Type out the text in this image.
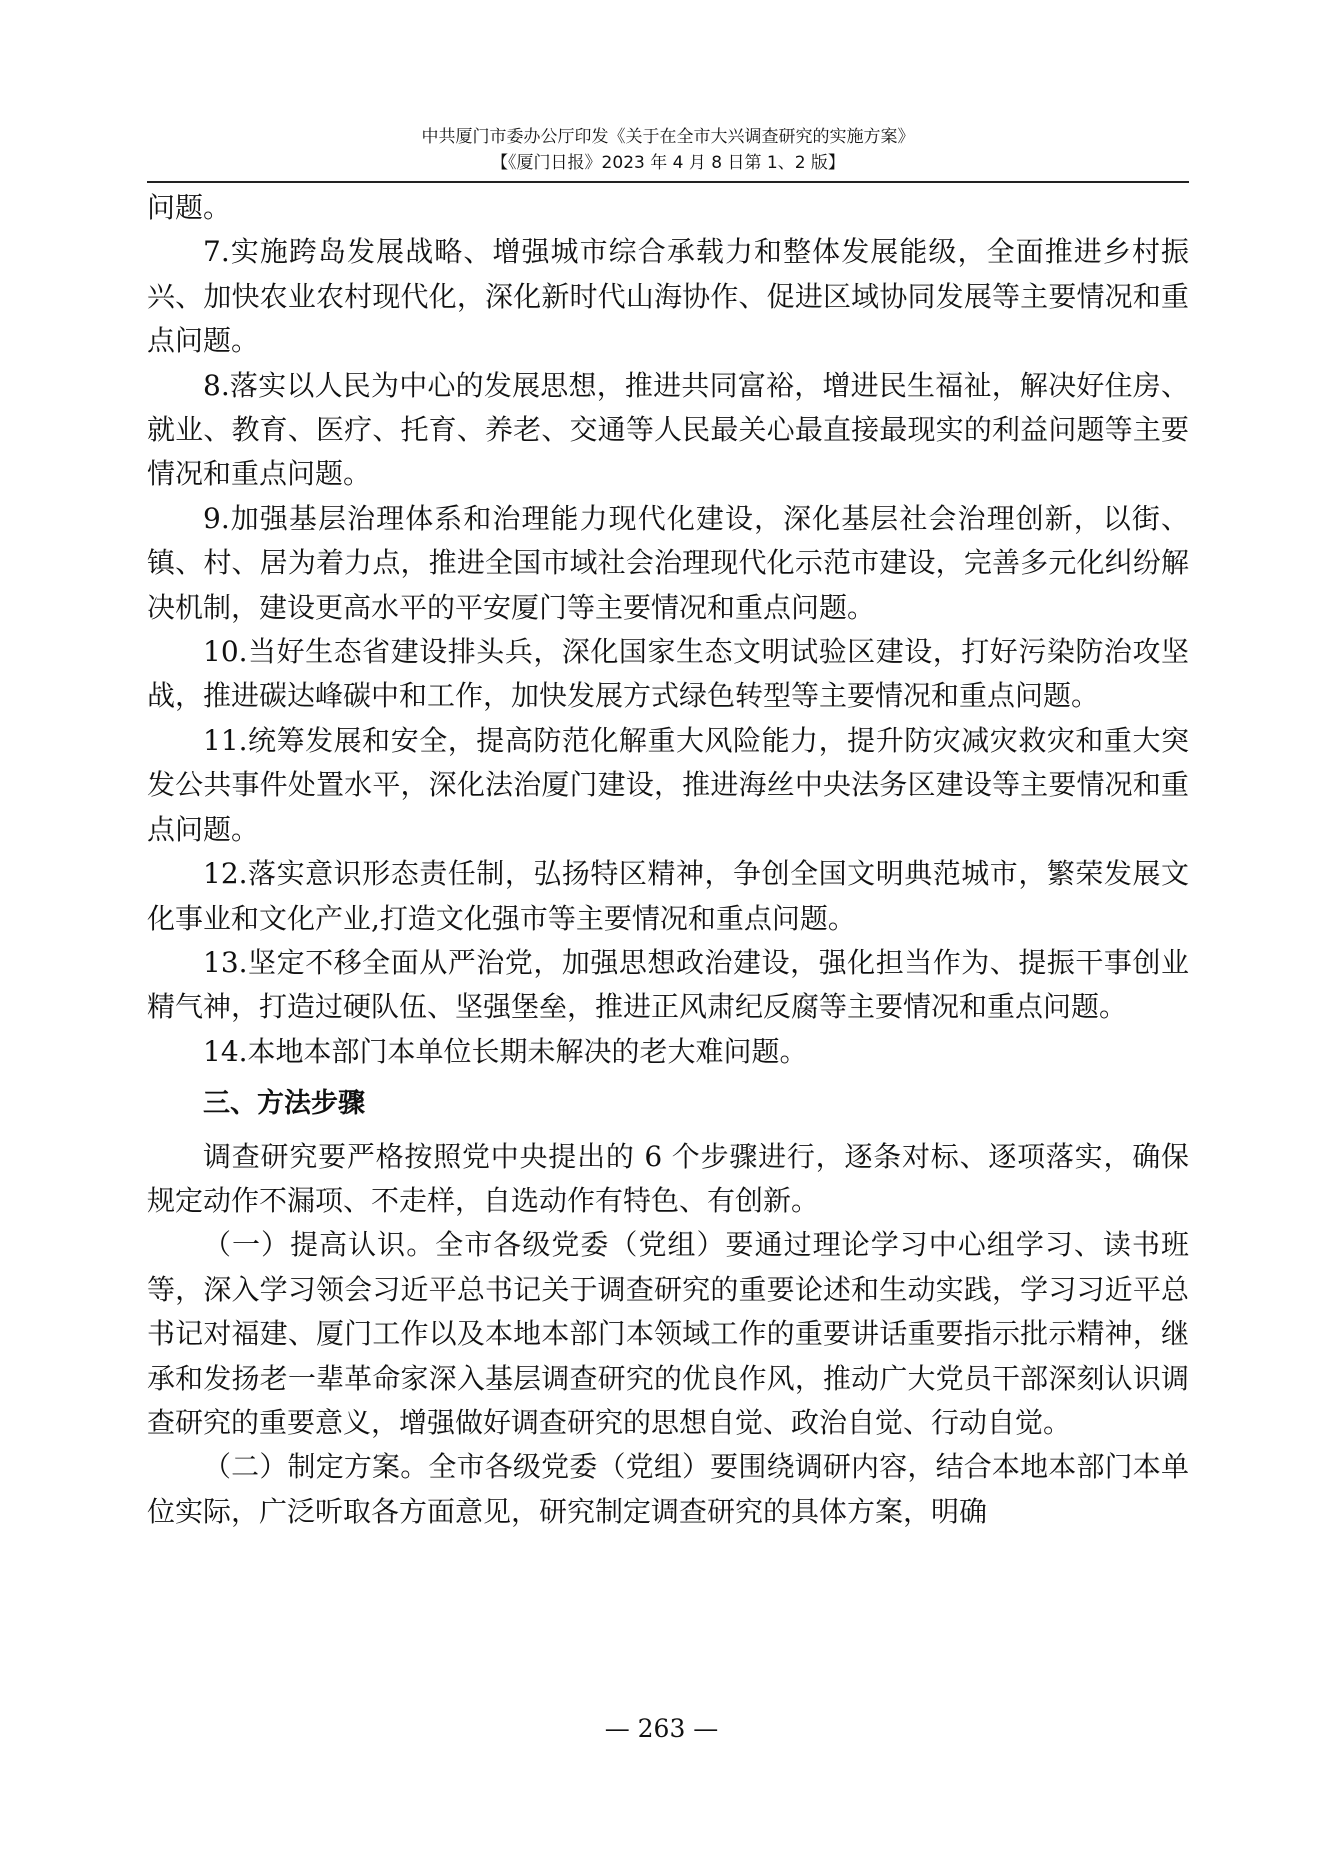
中共厦门市委办公厅印发《关于在全市大兴调查研究的实施方案》
【《厦门日报》2023 年 4 月 8 日第 1、2 版】

问题。

7.实施跨岛发展战略、增强城市综合承载力和整体发展能级，全面推进乡村振兴、加快农业农村现代化，深化新时代山海协作、促进区域协同发展等主要情况和重点问题。

8.落实以人民为中心的发展思想，推进共同富裕，增进民生福祉，解决好住房、就业、教育、医疗、托育、养老、交通等人民最关心最直接最现实的利益问题等主要情况和重点问题。

9.加强基层治理体系和治理能力现代化建设，深化基层社会治理创新，以街、镇、村、居为着力点，推进全国市域社会治理现代化示范市建设，完善多元化纠纷解决机制，建设更高水平的平安厦门等主要情况和重点问题。

10.当好生态省建设排头兵，深化国家生态文明试验区建设，打好污染防治攻坚战，推进碳达峰碳中和工作，加快发展方式绿色转型等主要情况和重点问题。

11.统筹发展和安全，提高防范化解重大风险能力，提升防灾减灾救灾和重大突发公共事件处置水平，深化法治厦门建设，推进海丝中央法务区建设等主要情况和重点问题。

12.落实意识形态责任制，弘扬特区精神，争创全国文明典范城市，繁荣发展文化事业和文化产业,打造文化强市等主要情况和重点问题。

13.坚定不移全面从严治党，加强思想政治建设，强化担当作为、提振干事创业精气神，打造过硬队伍、坚强堡垒，推进正风肃纪反腐等主要情况和重点问题。

14.本地本部门本单位长期未解决的老大难问题。

三、方法步骤

调查研究要严格按照党中央提出的 6 个步骤进行，逐条对标、逐项落实，确保规定动作不漏项、不走样，自选动作有特色、有创新。

（一）提高认识。全市各级党委（党组）要通过理论学习中心组学习、读书班等，深入学习领会习近平总书记关于调查研究的重要论述和生动实践，学习习近平总书记对福建、厦门工作以及本地本部门本领域工作的重要讲话重要指示批示精神，继承和发扬老一辈革命家深入基层调查研究的优良作风，推动广大党员干部深刻认识调查研究的重要意义，增强做好调查研究的思想自觉、政治自觉、行动自觉。

（二）制定方案。全市各级党委（党组）要围绕调研内容，结合本地本部门本单位实际，广泛听取各方面意见，研究制定调查研究的具体方案，明确

— 263 —
